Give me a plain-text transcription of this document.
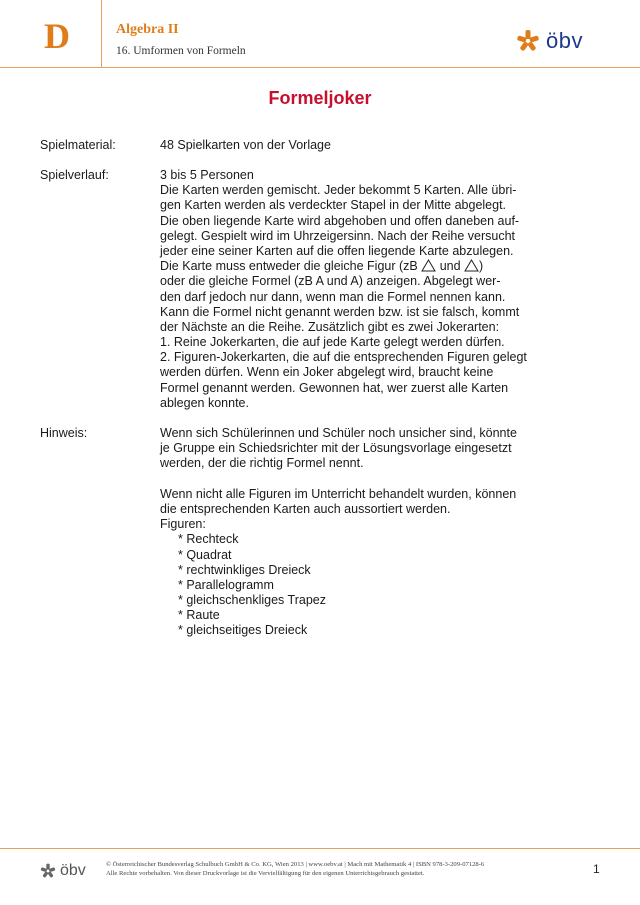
D	Algebra II
16. Umformen von Formeln	öbv
Formeljoker
Spielmaterial:	48 Spielkarten von der Vorlage
Spielverlauf:	3 bis 5 Personen
Die Karten werden gemischt. Jeder bekommt 5 Karten. Alle übri-
gen Karten werden als verdeckter Stapel in der Mitte abgelegt.
Die oben liegende Karte wird abgehoben und offen daneben auf-
gelegt. Gespielt wird im Uhrzeigersinn. Nach der Reihe versucht
jeder eine seiner Karten auf die offen liegende Karte abzulegen.
Die Karte muss entweder die gleiche Figur (zB  und )
oder die gleiche Formel (zB A und A) anzeigen. Abgelegt wer-
den darf jedoch nur dann, wenn man die Formel nennen kann.
Kann die Formel nicht genannt werden bzw. ist sie falsch, kommt
der Nächste an die Reihe. Zusätzlich gibt es zwei Jokerarten:
1. Reine Jokerkarten, die auf jede Karte gelegt werden dürfen.
2. Figuren-Jokerkarten, die auf die entsprechenden Figuren gelegt
werden dürfen. Wenn ein Joker abgelegt wird, braucht keine
Formel genannt werden. Gewonnen hat, wer zuerst alle Karten
ablegen konnte.
Hinweis:	Wenn sich Schülerinnen und Schüler noch unsicher sind, könnte
je Gruppe ein Schiedsrichter mit der Lösungsvorlage eingesetzt
werden, der die richtig Formel nennt.
Wenn nicht alle Figuren im Unterricht behandelt wurden, können
die entsprechenden Karten auch aussortiert werden.
Figuren:
* Rechteck
* Quadrat
* rechtwinkliges Dreieck
* Parallelogramm
* gleichschenkliges Trapez
* Raute
* gleichseitiges Dreieck
öbv	© Österreichischer Bundesverlag Schulbuch GmbH & Co. KG, Wien 2013 | www.oebv.at | Mach mit Mathematik 4 | ISBN 978-3-209-07128-6
Alle Rechte vorbehalten. Von dieser Druckvorlage ist die Vervielfältigung für den eigenen Unterrichtsgebrauch gestattet.	1
